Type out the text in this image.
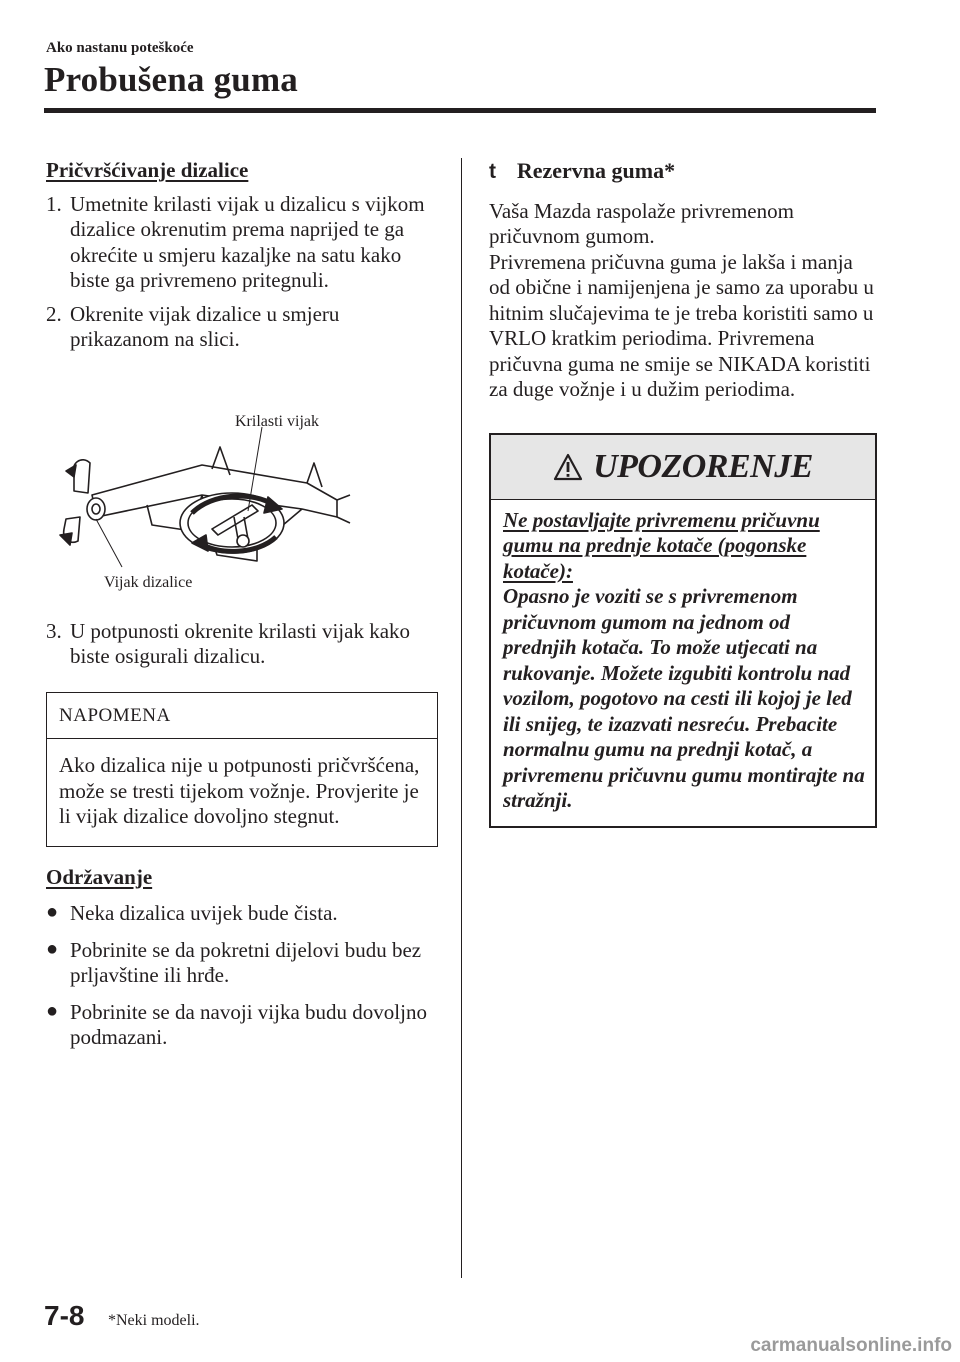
Ako nastanu poteškoće
Probušena guma
Pričvršćivanje dizalice
1. Umetnite krilasti vijak u dizalicu s vijkom dizalice okrenutim prema naprijed te ga okrećite u smjeru kazaljke na satu kako biste ga privremeno pritegnuli.
2. Okrenite vijak dizalice u smjeru prikazanom na slici.
Krilasti vijak
Vijak dizalice
3. U potpunosti okrenite krilasti vijak kako biste osigurali dizalicu.
NAPOMENA
Ako dizalica nije u potpunosti pričvršćena, može se tresti tijekom vožnje. Provjerite je li vijak dizalice dovoljno stegnut.
Održavanje
● Neka dizalica uvijek bude čista.
● Pobrinite se da pokretni dijelovi budu bez prljavštine ili hrđe.
● Pobrinite se da navoji vijka budu dovoljno podmazani.
t Rezervna guma*
Vaša Mazda raspolaže privremenom pričuvnom gumom.
Privremena pričuvna guma je lakša i manja od obične i namijenjena je samo za uporabu u hitnim slučajevima te je treba koristiti samo u VRLO kratkim periodima. Privremena pričuvna guma ne smije se NIKADA koristiti za duge vožnje i u dužim periodima.
UPOZORENJE
Ne postavljajte privremenu pričuvnu gumu na prednje kotače (pogonske kotače):
Opasno je voziti se s privremenom pričuvnom gumom na jednom od prednjih kotača. To može utjecati na rukovanje. Možete izgubiti kontrolu nad vozilom, pogotovo na cesti ili kojoj je led ili snijeg, te izazvati nesreću. Prebacite normalnu gumu na prednji kotač, a privremenu pričuvnu gumu montirajte na stražnji.
7-8 *Neki modeli.
carmanualsonline.info
